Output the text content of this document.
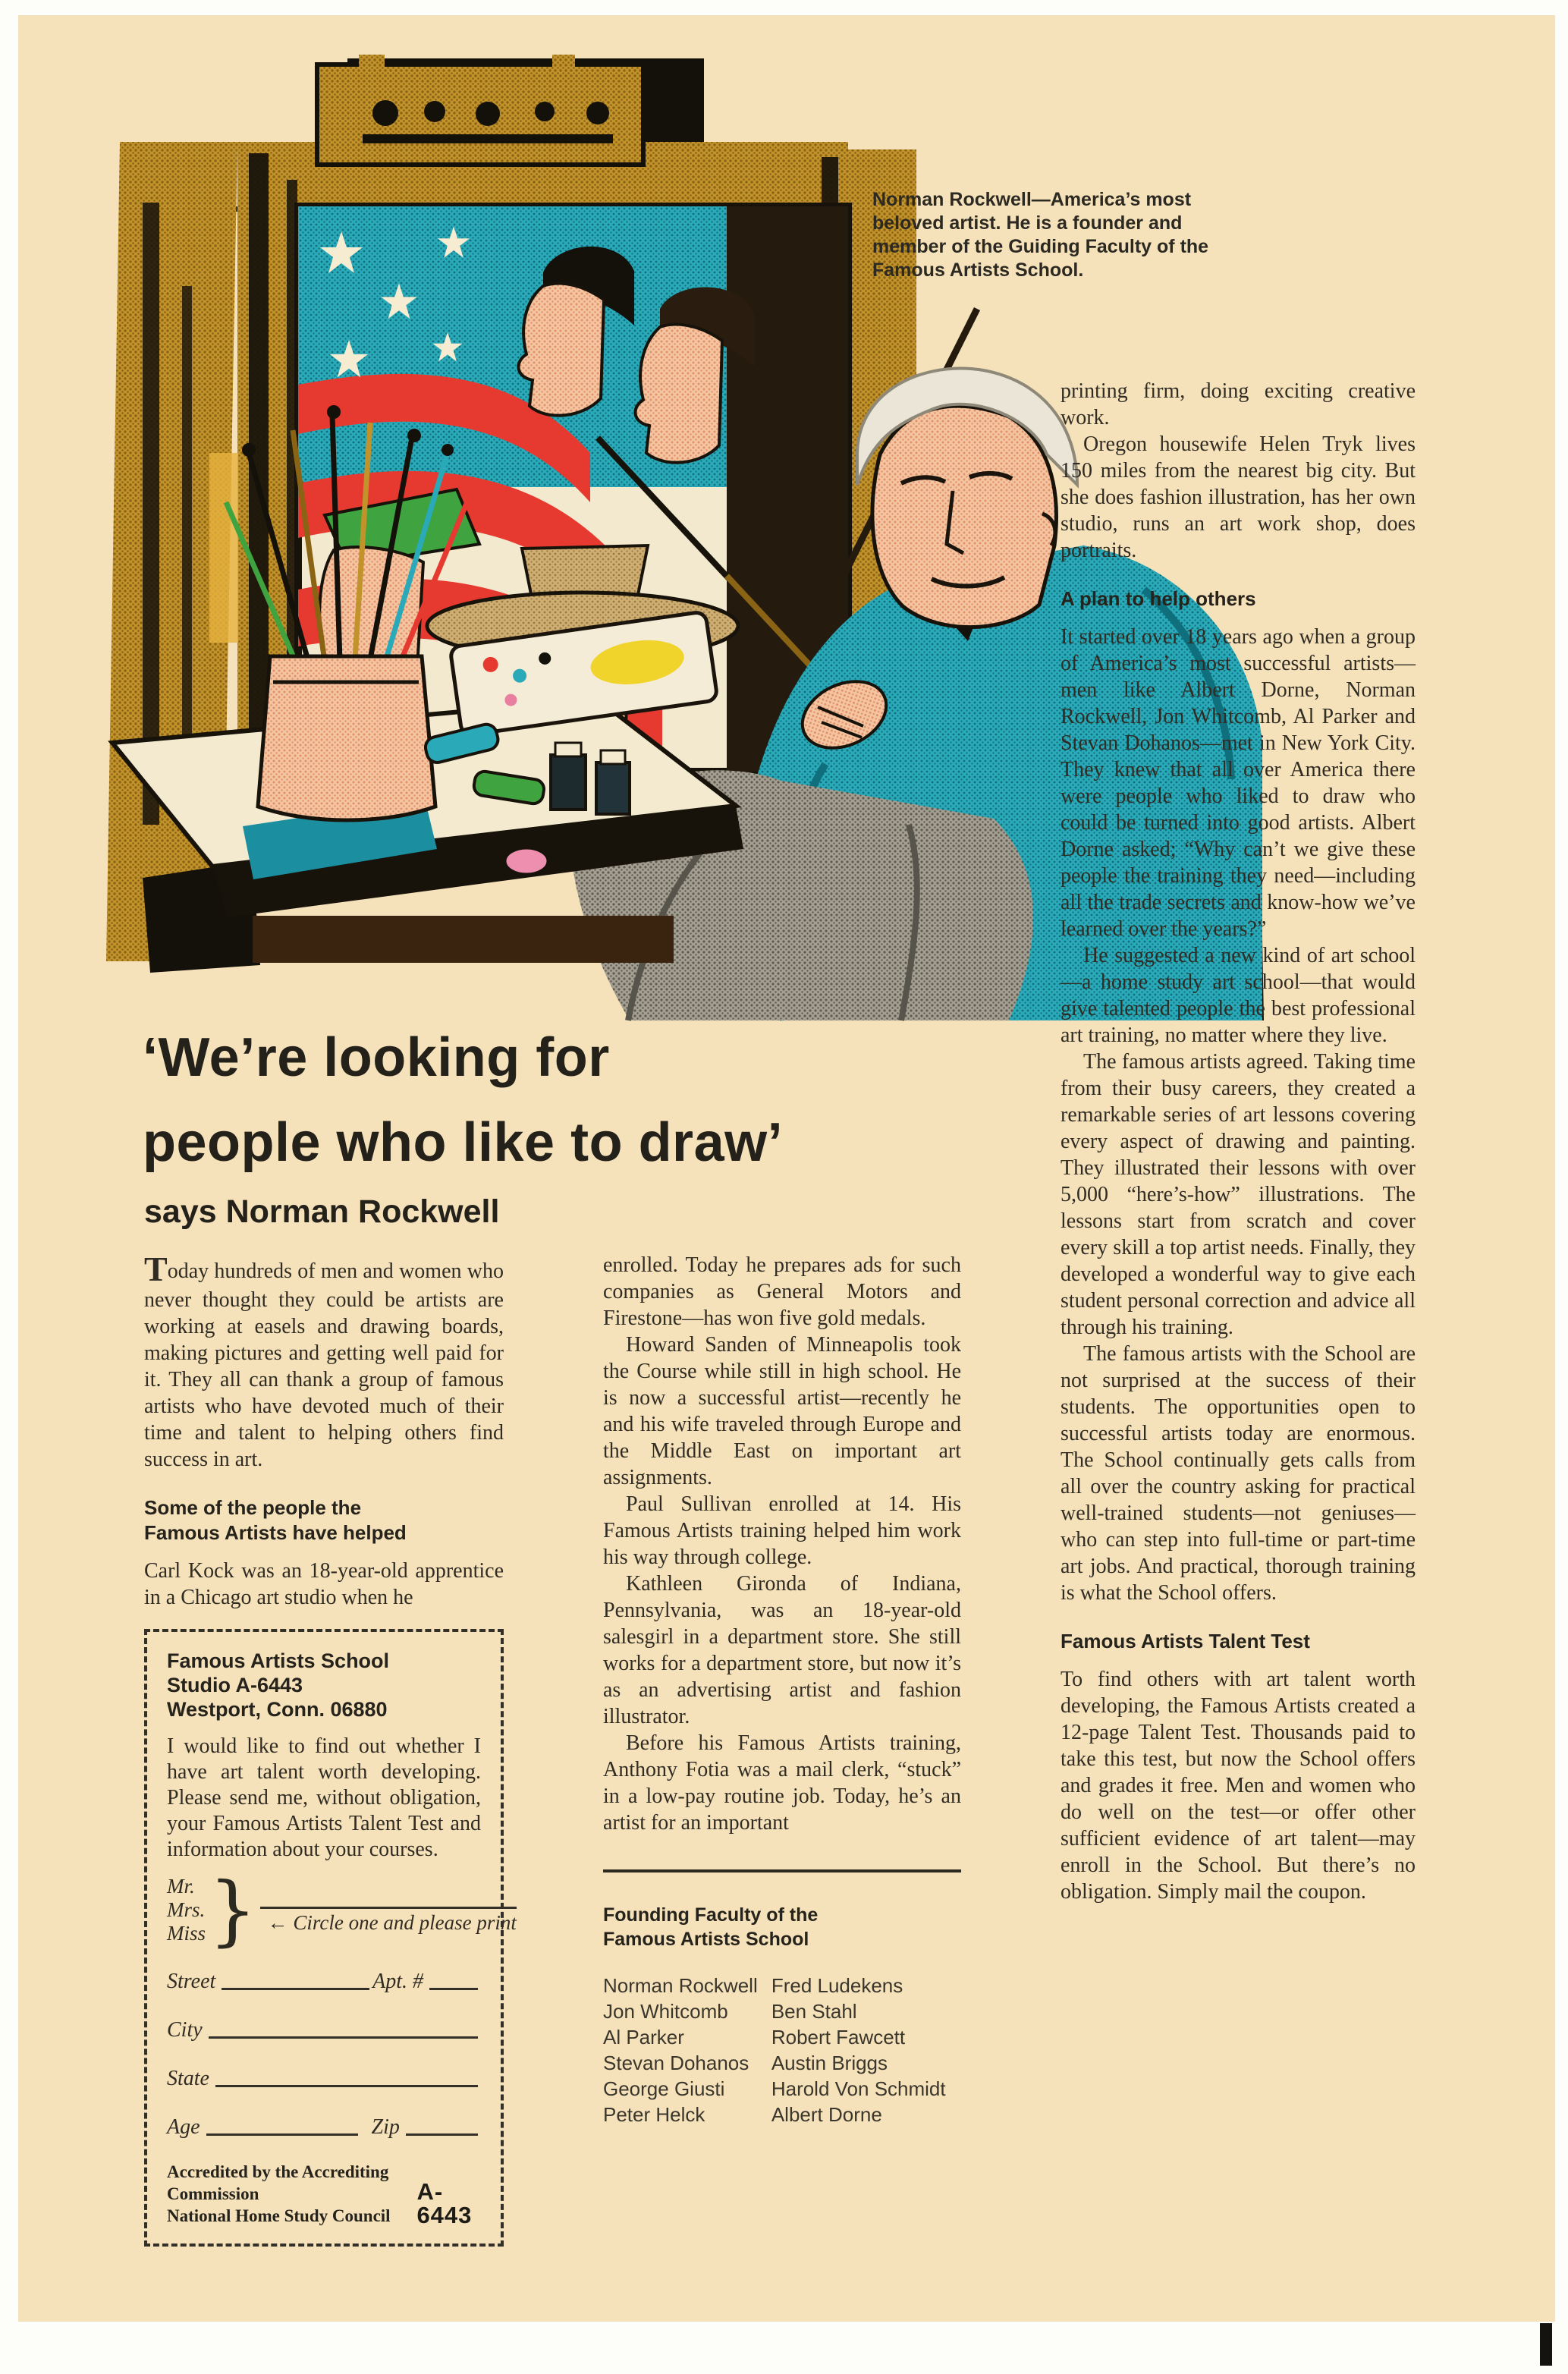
Norman Rockwell—America’s most beloved artist. He is a founder and member of the Guiding Faculty of the Famous Artists School.
‘We’re looking for
people who like to draw’
says Norman Rockwell

Today hundreds of men and women who never thought they could be artists are working at easels and drawing boards, making pictures and getting well paid for it. They all can thank a group of famous artists who have devoted much of their time and talent to helping others find success in art.

Some of the people the
Famous Artists have helped

Carl Kock was an 18-year-old apprentice in a Chicago art studio when he

Famous Artists School
Studio A-6443
Westport, Conn. 06880
I would like to find out whether I have art talent worth developing. Please send me, without obligation, your Famous Artists Talent Test and information about your courses.
Mr.
Mrs.
Miss } ← Circle one and please print
Street	Apt. #
City
State
Age	Zip
Accredited by the Accrediting Commission
National Home Study Council
A-6443

enrolled. Today he prepares ads for such companies as General Motors and Firestone—has won five gold medals.

Howard Sanden of Minneapolis took the Course while still in high school. He is now a successful artist—recently he and his wife traveled through Europe and the Middle East on important art assignments.

Paul Sullivan enrolled at 14. His Famous Artists training helped him work his way through college.

Kathleen Gironda of Indiana, Pennsylvania, was an 18-year-old salesgirl in a department store. She still works for a department store, but now it’s as an advertising artist and fashion illustrator.

Before his Famous Artists training, Anthony Fotia was a mail clerk, “stuck” in a low-pay routine job. Today, he’s an artist for an important

Founding Faculty of the
Famous Artists School
Norman Rockwell
Jon Whitcomb
Al Parker
Stevan Dohanos
George Giusti
Peter Helck
Fred Ludekens
Ben Stahl
Robert Fawcett
Austin Briggs
Harold Von Schmidt
Albert Dorne

printing firm, doing exciting creative work.

Oregon housewife Helen Tryk lives 150 miles from the nearest big city. But she does fashion illustration, has her own studio, runs an art work shop, does portraits.

A plan to help others

It started over 18 years ago when a group of America’s most successful artists—men like Albert Dorne, Norman Rockwell, Jon Whitcomb, Al Parker and Stevan Dohanos—met in New York City. They knew that all over America there were people who liked to draw who could be turned into good artists. Albert Dorne asked; “Why can’t we give these people the training they need—including all the trade secrets and know-how we’ve learned over the years?”

He suggested a new kind of art school—a home study art school—that would give talented people the best professional art training, no matter where they live.

The famous artists agreed. Taking time from their busy careers, they created a remarkable series of art lessons covering every aspect of drawing and painting. They illustrated their lessons with over 5,000 “here’s-how” illustrations. The lessons start from scratch and cover every skill a top artist needs. Finally, they developed a wonderful way to give each student personal correction and advice all through his training.

The famous artists with the School are not surprised at the success of their students. The opportunities open to successful artists today are enormous. The School continually gets calls from all over the country asking for practical well-trained students—not geniuses—who can step into full-time or part-time art jobs. And practical, thorough training is what the School offers.

Famous Artists Talent Test

To find others with art talent worth developing, the Famous Artists created a 12-page Talent Test. Thousands paid to take this test, but now the School offers and grades it free. Men and women who do well on the test—or offer other sufficient evidence of art talent—may enroll in the School. But there’s no obligation. Simply mail the coupon.
